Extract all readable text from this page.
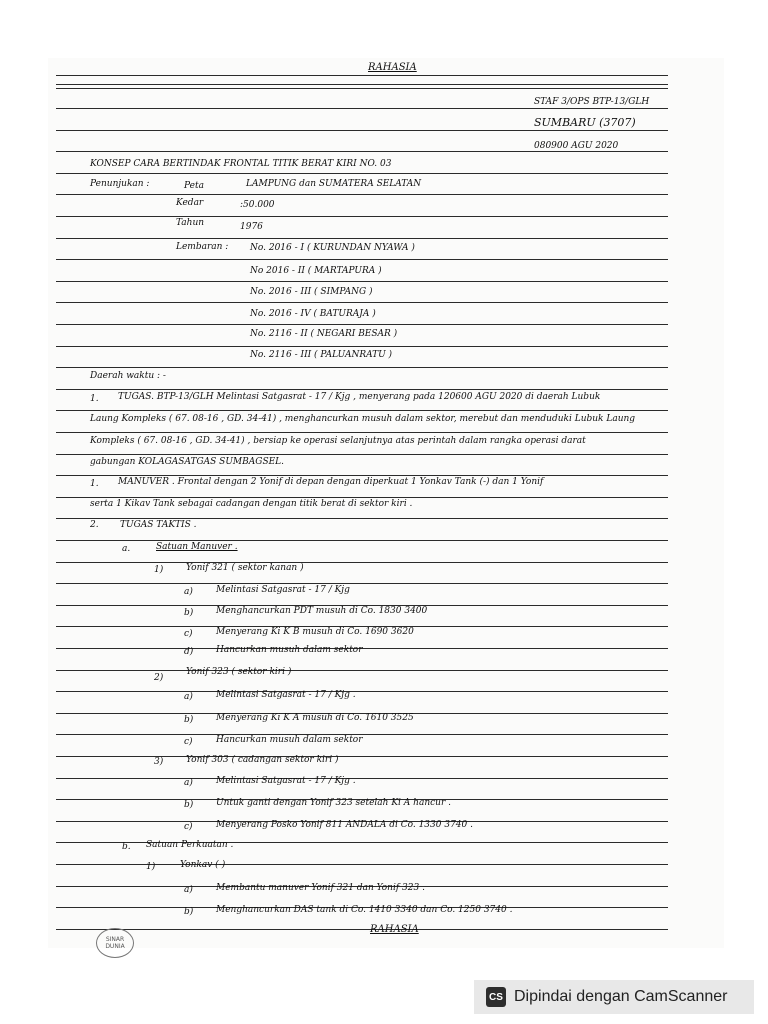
RAHASIA
STAF 3/OPS BTP-13/GLH
SUMBARU (3707)
080900 AGU 2020
KONSEP CARA BERTINDAK FRONTAL TITIK BERAT KIRI NO. 03
Penunjukan :	Peta	LAMPUNG dan SUMATERA SELATAN
Kedar	:50.000
Tahun	1976
Lembaran : No. 2016 - I ( KURUNDAN NYAWA )
No 2016 - II ( MARTAPURA )
No. 2016 - III ( SIMPANG )
No. 2016 - IV ( BATURAJA )
No. 2116 - II ( NEGARI BESAR )
No. 2116 - III ( PALUANRATU )
Daerah waktu : -
1. TUGAS. BTP-13/GLH Melintasi Satgasrat - 17 / Kjg , menyerang pada 120600 AGU 2020 di daerah Lubuk
Laung Kompleks ( 67. 08-16 , GD. 34-41) , menghancurkan musuh dalam sektor, merebut dan menduduki Lubuk Laung
Kompleks ( 67. 08-16 , GD. 34-41) , bersiap ke operasi selanjutnya atas perintah dalam rangka operasi darat
gabungan KOLAGASATGAS SUMBAGSEL.
1. MANUVER . Frontal dengan 2 Yonif di depan dengan diperkuat 1 Yonkav Tank (-) dan 1 Yonif
serta 1 Kikav Tank sebagai cadangan dengan titik berat di sektor kiri .
2. TUGAS TAKTIS .
a.	Satuan Manuver .
1)	Yonif 321 ( sektor kanan )
a)	Melintasi Satgasrat - 17 / Kjg
b)	Menghancurkan PDT musuh di Co. 1830 3400
c)	Menyerang Ki K B musuh di Co. 1690 3620
d)	Hancurkan musuh dalam sektor
2)
Yonif 323 ( sektor kiri )
a)	Melintasi Satgasrat - 17 / Kjg .
b)	Menyerang Ki K A musuh di Co. 1610 3525
c)	Hancurkan musuh dalam sektor
3)	Yonif 303 ( cadangan sektor kiri )
a)	Melintasi Satgasrat - 17 / Kjg .
b)	Untuk ganti dengan Yonif 323 setelah Ki A hancur .
c)	Menyerang Posko Yonif 811 ANDALA di Co. 1330 3740 .
b. Satuan Perkuatan .
1)	Yonkav (-)
a)	Membantu manuver Yonif 321 dan Yonif 323 .
b)	Menghancurkan DAS tank di Co. 1410 3340 dan Co. 1250 3740 .
RAHASIA
SINAR DUNIA
CS Dipindai dengan CamScanner
